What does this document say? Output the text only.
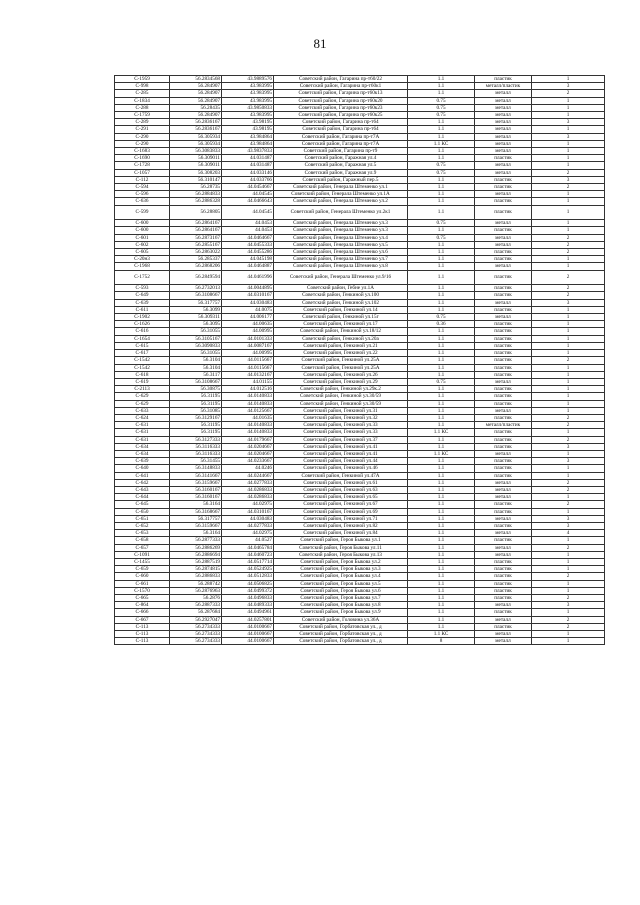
81
С-1959	56.2834568	43.9889576	Советский район, Гагарина пр-т60/22	1.1	пластик	1
С-998	56.284907	43.983995	Советский район, Гагарина пр-т60к1	1.1	металл/пластик	3
С-285	56.284907	43.983995	Советский район, Гагарина пр-т60к13	1.1	металл	2
С-1834	56.284907	43.983995	Советский район, Гагарина пр-т60к20	0.75	металл	1
С-288	56.28435	43.9850833	Советский район, Гагарина пр-т60к23	0.75	металл	1
С-1759	56.284907	43.983995	Советский район, Гагарина пр-т60к25	0.75	металл	1
С-289	56.2836167	43.98195	Советский район, Гагарина пр-т64	1.1	металл	3
С-291	56.2836167	43.98195	Советский район, Гагарина пр-т64	1.1	металл	1
С-290	56.305934	43.984864	Советский район, Гагарина пр-т7А	1.1	металл	3
С-290	56.305934	43.984864	Советский район, Гагарина пр-т7А	1.1 КС	металл	1
С-1683	56.3083833	43.9837833	Советский район, Гагарина пр-т9	1.1	металл	1
С-1690	56.309011	44.031487	Советский район, Гаражная ул.4	1.1	пластик	1
С-1728	56.309011	44.031487	Советский район, Гаражная ул.5	0.75	металл	1
С-1057	56.308203	44.033146	Советский район, Гаражная ул.9	0.75	металл	2
С-112	56.310147	44.033766	Советский район, Гаражный пер.5	1.1	пластик	3
С-594	56.28735	44.0454667	Советский район, Генерала Штеменко ул.1	1.1	пластик	2
С-596	56.2884833	44.04545	Советский район, Генерала Штеменко ул.1А	1.1	металл	1
С-636	56.2886328	44.0466643	Советский район, Генерала Штеменко ул.2	1.1	пластик	1
С-599	56.28805	44.04545	Советский район, Генерала Штеменко ул.2к1	1.1	пластик	1
С-600	56.2864167	44.0453	Советский район, Генерала Штеменко ул.3	0.75	металл	1
С-600	56.2864167	44.0453	Советский район, Генерала Штеменко ул.3	1.1	пластик	1
С-601	56.2873167	44.0464667	Советский район, Генерала Штеменко ул.4	0.75	металл	2
С-602	56.2855167	44.0455333	Советский район, Генерала Штеменко ул.5	1.1	металл	2
С-605	56.2863022	44.0455286	Советский район, Генерала Штеменко ул.6	1.1	пластик	2
С-20н3	56.285337	44.045198	Советский район, Генерала Штеменко ул.7	1.1	пластик	1
С-1968	56.2868206	44.0464887	Советский район, Генерала Штеменко ул.8	1.1	металл	1
С-1752	56.2849594	44.0461996	Советский район, Генерала Штеменко ул.9/16	1.1	пластик	2
С-593	56.2732013	44.0044895	Советский район, Гебне ул.1А	1.1	пластик	2
С-649	56.3108667	44.0310167	Советский район, Генкиной ул.100	1.1	пластик	2
С-639	56.317757	44.030483	Советский район, Генкиной ул.102	1.1	металл	3
С-611	56.3099	44.0075	Советский район, Генкиной ул.14	1.1	пластик	1
С-1902	56.309311	44.006177	Советский район, Генкиной ул.15г	0.75	металл	1
С-1626	56.3095	44.00635	Советский район, Генкиной ул.17	0.36	пластик	1
С-616	56.31055	44.00995	Советский район, Генкиной ул.18/12	1.1	пластик	1
С-1654	56.3105167	44.0101333	Советский район, Генкиной ул.20а	1.1	пластик	1
С-615	56.3090833	44.0087167	Советский район, Генкиной ул.21	1.1	пластик	1
С-617	56.31055	44.00995	Советский район, Генкиной ул.22	1.1	пластик	1
С-1542	56.3104	44.0115667	Советский район, Генкиной ул.25А	1.1	пластик	2
С-1542	56.3104	44.0115667	Советский район, Генкиной ул.25А	1.1	пластик	1
С-618	56.3117	44.0132167	Советский район, Генкиной ул.26	1.1	пластик	1
С-619	56.3108667	44.01155	Советский район, Генкиной ул.29	0.75	металл	1
С-2113	56.30875	44.012516	Советский район, Генкиной ул.29к.2	1.1	пластик	1
С-629	56.31195	44.0140833	Советский район, Генкиной ул.30/59	1.1	пластик	1
С-629	56.31195	44.0140833	Советский район, Генкиной ул.30/59	1.1	пластик	1
С-633	56.31085	44.0125667	Советский район, Генкиной ул.31	1.1	металл	1
С-624	56.3129167	44.01635	Советский район, Генкиной ул.32	1.1	пластик	2
С-631	56.31195	44.0140833	Советский район, Генкиной ул.33	1.1	металл/пластик	2
С-631	56.31195	44.0140833	Советский район, Генкиной ул.33	1.1 КС	пластик	1
С-631	56.3127333	44.0179667	Советский район, Генкиной ул.37	1.1	пластик	2
С-634	56.3116333	44.0204667	Советский район, Генкиной ул.41	1.1	пластик	3
С-634	56.3116333	44.0204667	Советский район, Генкиной ул.41	1.1 КС	металл	1
С-639	56.31455	44.0233667	Советский район, Генкиной ул.44	1.1	пластик	3
С-640	56.3148833	44.0246	Советский район, Генкиной ул.46	1.1	пластик	1
С-641	56.3141667	44.0244667	Советский район, Генкиной ул.47А	1.1	пластик	1
С-642	56.3159667	44.0277833	Советский район, Генкиной ул.61	1.1	металл	2
С-643	56.3160167	44.0286833	Советский район, Генкиной ул.63	1.1	металл	2
С-644	56.3160167	44.0286833	Советский район, Генкиной ул.65	1.1	металл	1
С-645	56.3164	44.02975	Советский район, Генкиной ул.67	1.1	пластик	2
С-650	56.3168667	44.0310167	Советский район, Генкиной ул.69	1.1	пластик	1
С-651	56.317757	44.030483	Советский район, Генкиной ул.71	1.1	металл	3
С-652	56.3159667	44.0277833	Советский район, Генкиной ул.82	1.1	пластик	3
С-653	56.3164	44.02975	Советский район, Генкиной ул.84	1.1	металл	4
С-658	56.2877333	44.0527	Советский район, Героя Быкова ул.1	1.1	пластик	1
С-657	56.2886269	44.0465784	Советский район, Героя Быкова ул.11	1.1	металл	2
С-1091	56.2886694	44.0460723	Советский район, Героя Быкова ул.13	1.1	металл	1
С-1455	56.2887519	44.0517714	Советский район, Героя Быкова ул.2	1.1	пластик	1
С-659	56.2874815	44.0524925	Советский район, Героя Быкова ул.3	1.1	пластик	1
С-660	56.2886833	44.0512833	Советский район, Героя Быкова ул.4	1.1	пластик	2
С-661	56.288742	44.0506825	Советский район, Героя Быкова ул.5	1.1	пластик	1
С-1570	56.2876963	44.0499372	Советский район, Героя Быкова ул.6	1.1	пластик	1
С-665	56.2876	44.0496833	Советский район, Героя Быкова ул.7	1.1	пластик	2
С-864	56.2887333	44.0489333	Советский район, Героя Быкова ул.8	1.1	металл	3
С-666	56.287684	44.0494961	Советский район, Героя Быкова ул.9	1.1	пластик	1
С-667	56.2927047	44.0257801	Советский район, Головина ул.36А	1.1	металл	2
С-113	56.2734333	44.0100667	Советский район, Горбатовская ул., д	1.1	пластик	2
С-113	56.2734333	44.0100667	Советский район, Горбатовская ул., д	1.1 КС	металл	1
С-113	56.2734333	44.0100667	Советский район, Горбатовская ул., д	8	металл	1
